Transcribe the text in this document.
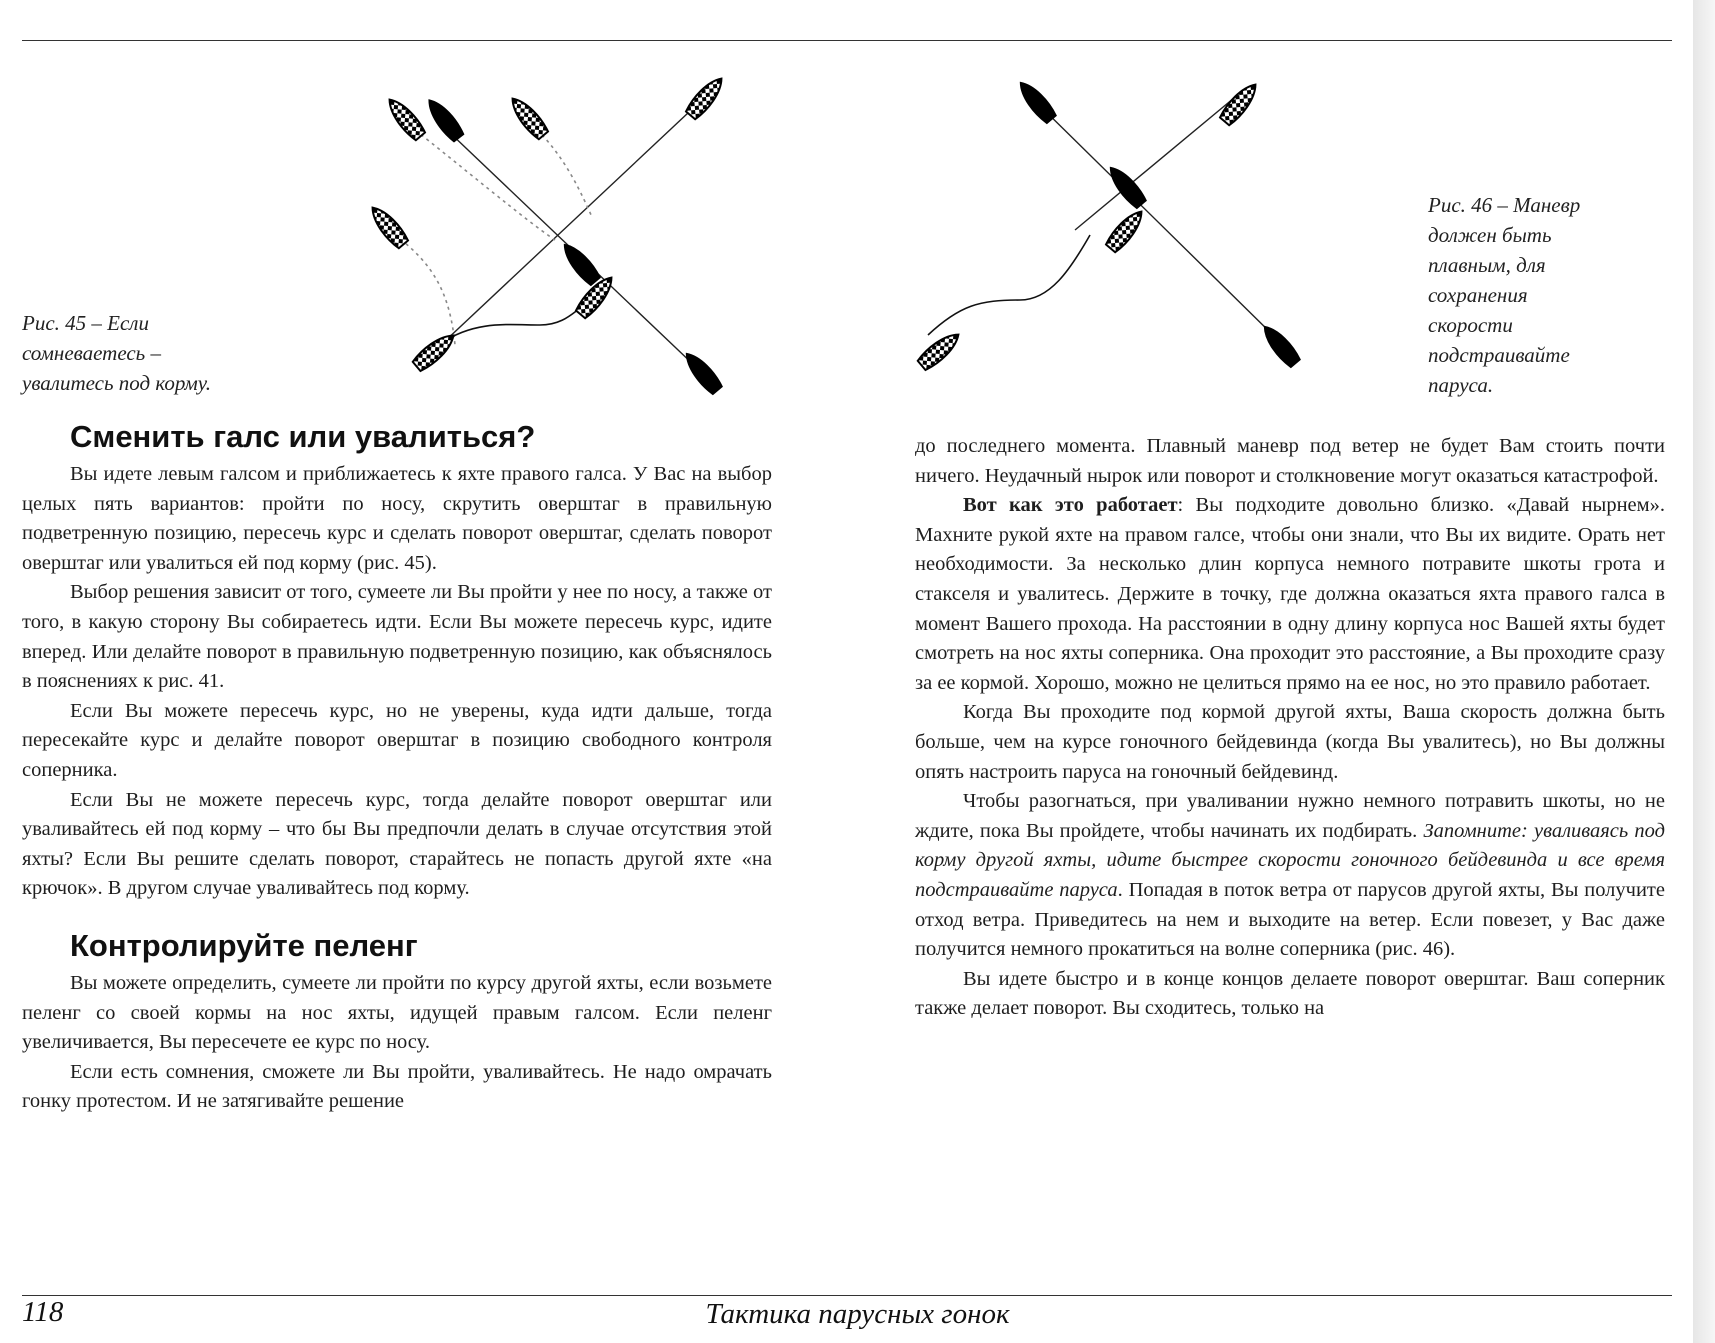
Рис. 45 – Если
сомневаетесь –
увалитесь под корму.
Рис. 46 – Маневр
должен быть
плавным, для
сохранения
скорости
подстраивайте
паруса.
Сменить галс или увалиться?

Вы идете левым галсом и приближаетесь к яхте правого галса. У Вас на выбор целых пять вариантов: пройти по носу, скрутить оверштаг в правильную подветренную позицию, пересечь курс и сделать поворот оверштаг, сделать поворот оверштаг или увалиться ей под корму (рис. 45).

Выбор решения зависит от того, сумеете ли Вы пройти у нее по носу, а также от того, в какую сторону Вы собираетесь идти. Если Вы можете пересечь курс, идите вперед. Или делайте поворот в правильную подветренную позицию, как объяснялось в пояснениях к рис. 41.

Если Вы можете пересечь курс, но не уверены, куда идти дальше, тогда пересекайте курс и делайте поворот оверштаг в позицию свободного контроля соперника.

Если Вы не можете пересечь курс, тогда делайте поворот оверштаг или уваливайтесь ей под корму – что бы Вы предпочли делать в случае отсутствия этой яхты? Если Вы решите сделать поворот, старайтесь не попасть другой яхте «на крючок». В другом случае уваливайтесь под корму.

Контролируйте пеленг

Вы можете определить, сумеете ли пройти по курсу другой яхты, если возьмете пеленг со своей кормы на нос яхты, идущей правым галсом. Если пеленг увеличивается, Вы пересечете ее курс по носу.

Если есть сомнения, сможете ли Вы пройти, уваливайтесь. Не надо омрачать гонку протестом. И не затягивайте решение

до последнего момента. Плавный маневр под ветер не будет Вам стоить почти ничего. Неудачный нырок или поворот и столкновение могут оказаться катастрофой.

Вот как это работает: Вы подходите довольно близко. «Давай нырнем». Махните рукой яхте на правом галсе, чтобы они знали, что Вы их видите. Орать нет необходимости. За несколько длин корпуса немного потравите шкоты грота и стакселя и увалитесь. Держите в точку, где должна оказаться яхта правого галса в момент Вашего прохода. На расстоянии в одну длину корпуса нос Вашей яхты будет смотреть на нос яхты соперника. Она проходит это расстояние, а Вы проходите сразу за ее кормой. Хорошо, можно не целиться прямо на ее нос, но это правило работает.

Когда Вы проходите под кормой другой яхты, Ваша скорость должна быть больше, чем на курсе гоночного бейдевинда (когда Вы увалитесь), но Вы должны опять настроить паруса на гоночный бейдевинд.

Чтобы разогнаться, при уваливании нужно немного потравить шкоты, но не ждите, пока Вы пройдете, чтобы начинать их подбирать. Запомните: уваливаясь под корму другой яхты, идите быстрее скорости гоночного бейдевинда и все время подстраивайте паруса. Попадая в поток ветра от парусов другой яхты, Вы получите отход ветра. Приведитесь на нем и выходите на ветер. Если повезет, у Вас даже получится немного прокатиться на волне соперника (рис. 46).

Вы идете быстро и в конце концов делаете поворот оверштаг. Ваш соперник также делает поворот. Вы сходитесь, только на

118	Тактика парусных гонок
